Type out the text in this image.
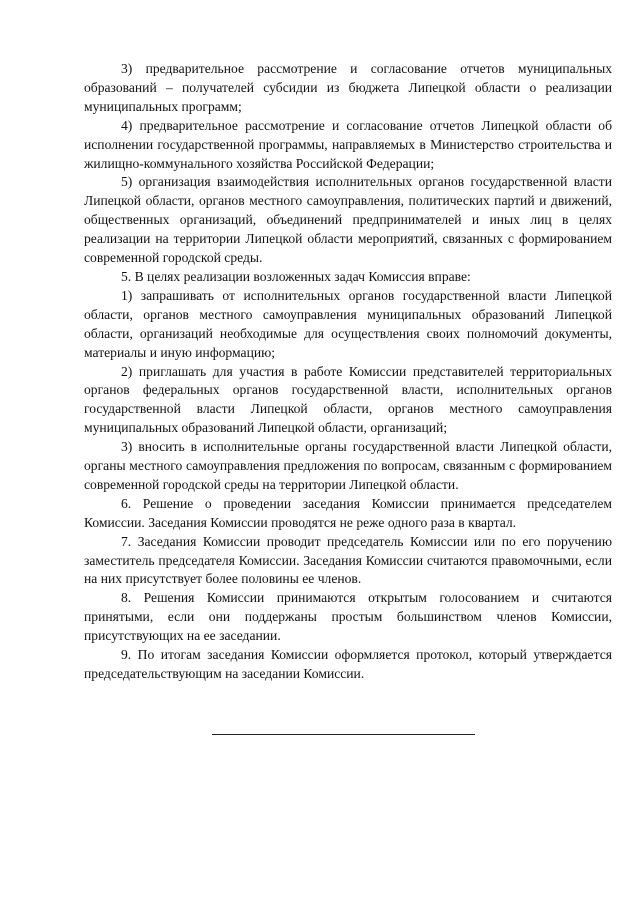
3) предварительное рассмотрение и согласование отчетов муниципальных образований – получателей субсидии из бюджета Липецкой области о реализации муниципальных программ;

4) предварительное рассмотрение и согласование отчетов Липецкой области об исполнении государственной программы, направляемых в Министерство строительства и жилищно-коммунального хозяйства Российской Федерации;

5) организация взаимодействия исполнительных органов государственной власти Липецкой области, органов местного самоуправления, политических партий и движений, общественных организаций, объединений предпринимателей и иных лиц в целях реализации на территории Липецкой области мероприятий, связанных с формированием современной городской среды.

5. В целях реализации возложенных задач Комиссия вправе:

1) запрашивать от исполнительных органов государственной власти Липецкой области, органов местного самоуправления муниципальных образований Липецкой области, организаций необходимые для осуществления своих полномочий документы, материалы и иную информацию;

2) приглашать для участия в работе Комиссии представителей территориальных органов федеральных органов государственной власти, исполнительных органов государственной власти Липецкой области, органов местного самоуправления муниципальных образований Липецкой области, организаций;

3) вносить в исполнительные органы государственной власти Липецкой области, органы местного самоуправления предложения по вопросам, связанным с формированием современной городской среды на территории Липецкой области.

6. Решение о проведении заседания Комиссии принимается председателем Комиссии. Заседания Комиссии проводятся не реже одного раза в квартал.

7. Заседания Комиссии проводит председатель Комиссии или по его поручению заместитель председателя Комиссии. Заседания Комиссии считаются правомочными, если на них присутствует более половины ее членов.

8. Решения Комиссии принимаются открытым голосованием и считаются принятыми, если они поддержаны простым большинством членов Комиссии, присутствующих на ее заседании.

9. По итогам заседания Комиссии оформляется протокол, который утверждается председательствующим на заседании Комиссии.
